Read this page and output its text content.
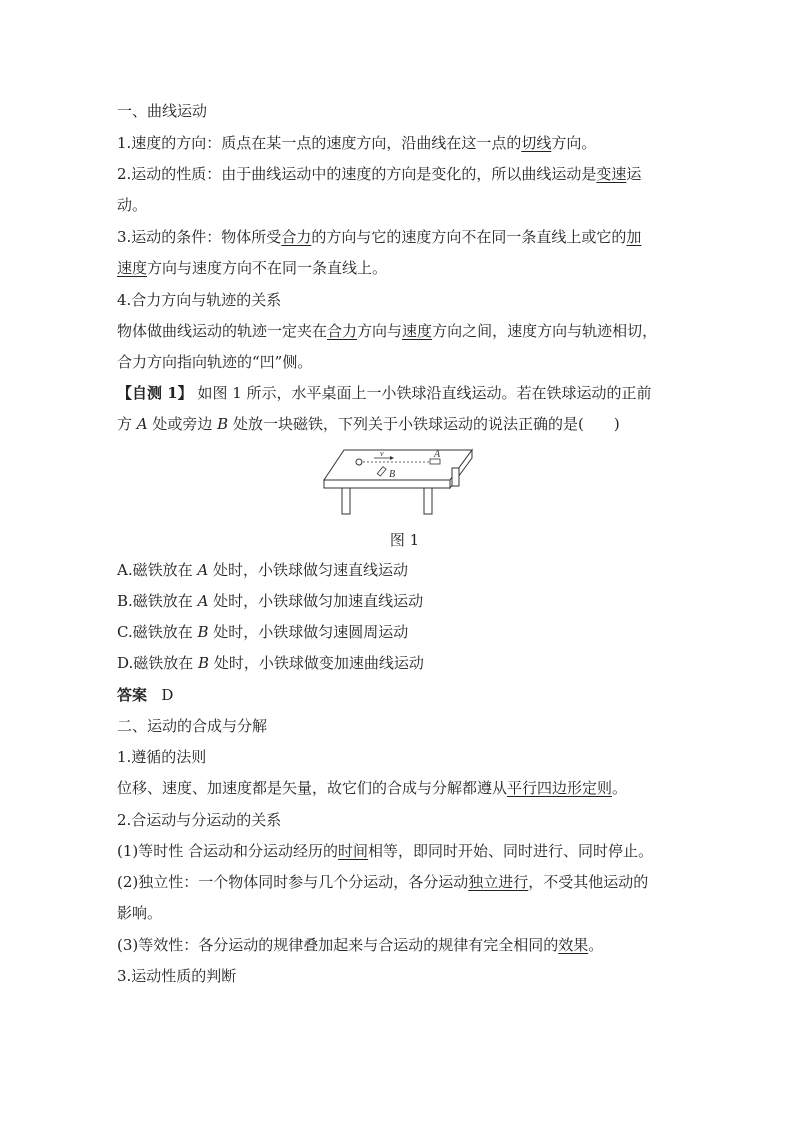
一、曲线运动
1.速度的方向：质点在某一点的速度方向，沿曲线在这一点的切线方向。
2.运动的性质：由于曲线运动中的速度的方向是变化的，所以曲线运动是变速运
动。
3.运动的条件：物体所受合力的方向与它的速度方向不在同一条直线上或它的加
速度方向与速度方向不在同一条直线上。
4.合力方向与轨迹的关系
物体做曲线运动的轨迹一定夹在合力方向与速度方向之间，速度方向与轨迹相切，
合力方向指向轨迹的“凹”侧。
【自测 1】 如图 1 所示，水平桌面上一小铁球沿直线运动。若在铁球运动的正前
方 A 处或旁边 B 处放一块磁铁，下列关于小铁球运动的说法正确的是(　　)
图 1
A.磁铁放在 A 处时，小铁球做匀速直线运动
B.磁铁放在 A 处时，小铁球做匀加速直线运动
C.磁铁放在 B 处时，小铁球做匀速圆周运动
D.磁铁放在 B 处时，小铁球做变加速曲线运动
答案 D
二、运动的合成与分解
1.遵循的法则
位移、速度、加速度都是矢量，故它们的合成与分解都遵从平行四边形定则。
2.合运动与分运动的关系
(1)等时性 合运动和分运动经历的时间相等，即同时开始、同时进行、同时停止。
(2)独立性：一个物体同时参与几个分运动，各分运动独立进行，不受其他运动的
影响。
(3)等效性：各分运动的规律叠加起来与合运动的规律有完全相同的效果。
3.运动性质的判断
v	A
B
